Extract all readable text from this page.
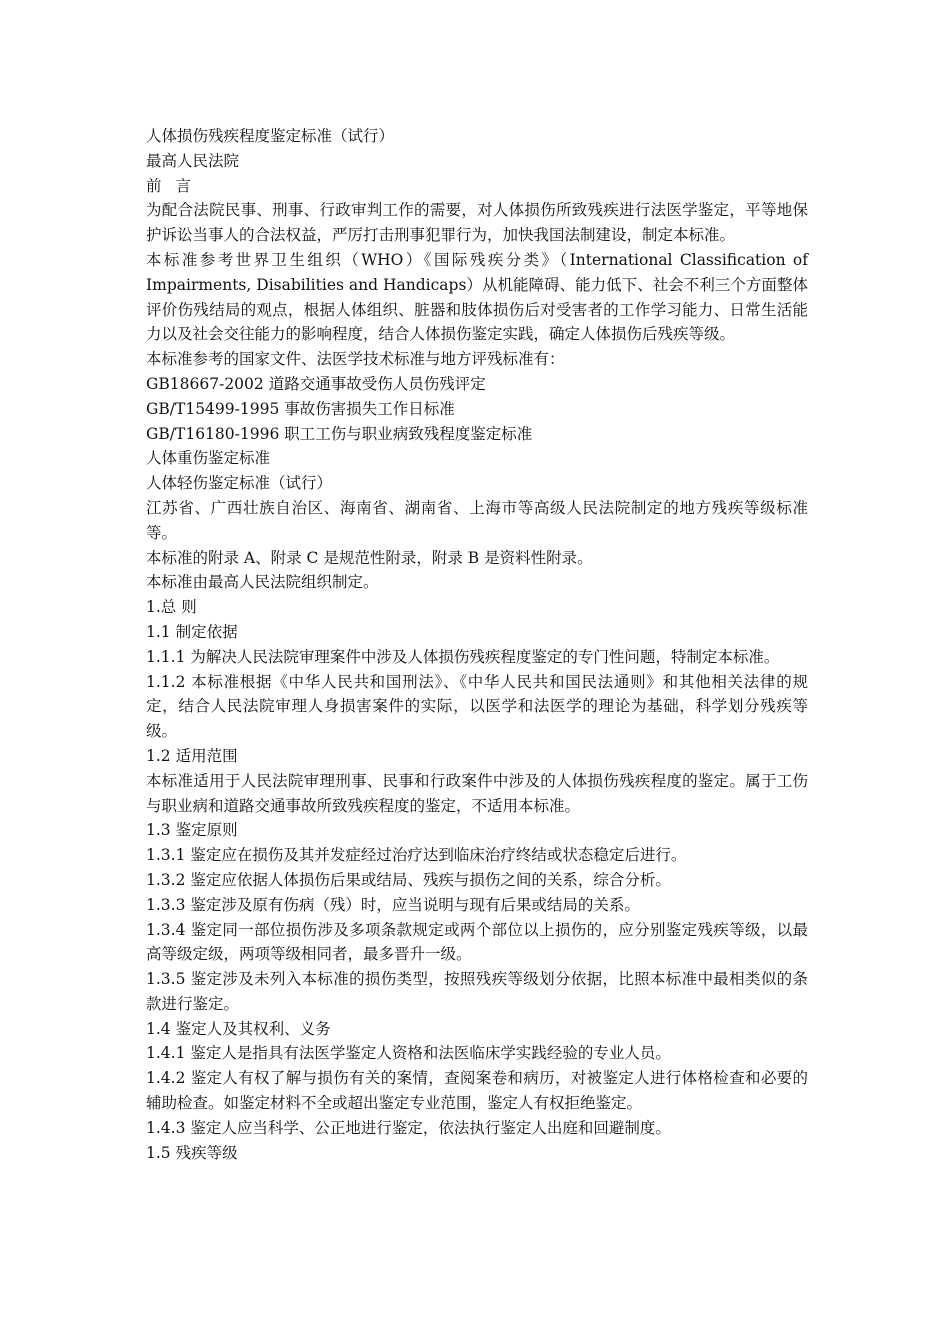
人体损伤残疾程度鉴定标准（试行）

最高人民法院

前 言

为配合法院民事、刑事、行政审判工作的需要，对人体损伤所致残疾进行法医学鉴定，平等地保护诉讼当事人的合法权益，严厉打击刑事犯罪行为，加快我国法制建设，制定本标准。

本标准参考世界卫生组织（WHO）《国际残疾分类》（International Classification of Impairments, Disabilities and Handicaps）从机能障碍、能力低下、社会不利三个方面整体评价伤残结局的观点，根据人体组织、脏器和肢体损伤后对受害者的工作学习能力、日常生活能力以及社会交往能力的影响程度，结合人体损伤鉴定实践，确定人体损伤后残疾等级。

本标准参考的国家文件、法医学技术标准与地方评残标准有：

GB18667-2002 道路交通事故受伤人员伤残评定

GB/T15499-1995 事故伤害损失工作日标准

GB/T16180-1996 职工工伤与职业病致残程度鉴定标准

人体重伤鉴定标准

人体轻伤鉴定标准（试行）

江苏省、广西壮族自治区、海南省、湖南省、上海市等高级人民法院制定的地方残疾等级标准等。

本标准的附录 A、附录 C 是规范性附录，附录 B 是资料性附录。

本标准由最高人民法院组织制定。

1.总 则

1.1 制定依据

1.1.1 为解决人民法院审理案件中涉及人体损伤残疾程度鉴定的专门性问题，特制定本标准。

1.1.2 本标准根据《中华人民共和国刑法》、《中华人民共和国民法通则》和其他相关法律的规定，结合人民法院审理人身损害案件的实际，以医学和法医学的理论为基础，科学划分残疾等级。

1.2 适用范围

本标准适用于人民法院审理刑事、民事和行政案件中涉及的人体损伤残疾程度的鉴定。属于工伤与职业病和道路交通事故所致残疾程度的鉴定，不适用本标准。

1.3 鉴定原则

1.3.1 鉴定应在损伤及其并发症经过治疗达到临床治疗终结或状态稳定后进行。

1.3.2 鉴定应依据人体损伤后果或结局、残疾与损伤之间的关系，综合分析。

1.3.3 鉴定涉及原有伤病（残）时，应当说明与现有后果或结局的关系。

1.3.4 鉴定同一部位损伤涉及多项条款规定或两个部位以上损伤的，应分别鉴定残疾等级，以最高等级定级，两项等级相同者，最多晋升一级。

1.3.5 鉴定涉及未列入本标准的损伤类型，按照残疾等级划分依据，比照本标准中最相类似的条款进行鉴定。

1.4 鉴定人及其权利、义务

1.4.1 鉴定人是指具有法医学鉴定人资格和法医临床学实践经验的专业人员。

1.4.2 鉴定人有权了解与损伤有关的案情，查阅案卷和病历，对被鉴定人进行体格检查和必要的辅助检查。如鉴定材料不全或超出鉴定专业范围，鉴定人有权拒绝鉴定。

1.4.3 鉴定人应当科学、公正地进行鉴定，依法执行鉴定人出庭和回避制度。

1.5 残疾等级
